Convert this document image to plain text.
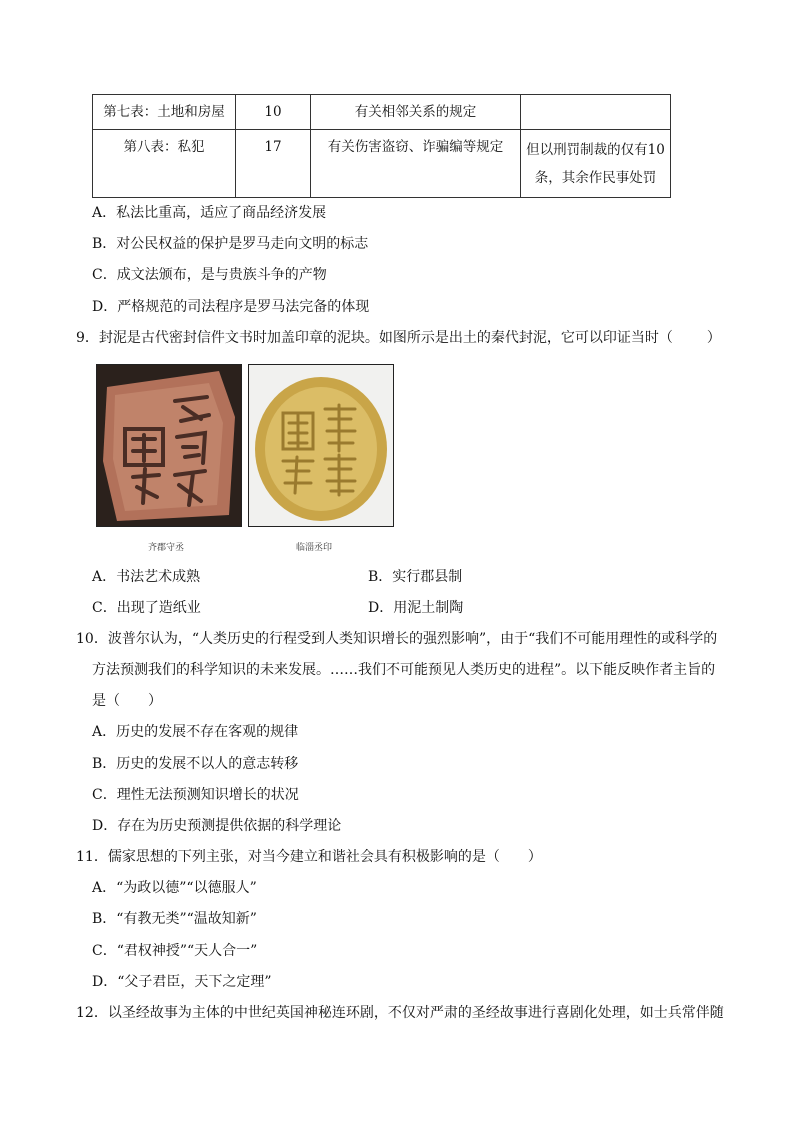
第七表：土地和房屋	10	有关相邻关系的规定	
第八表：私犯	17	有关伤害盗窃、诈骗编等规定	但以刑罚制裁的仅有10
条，其余作民事处罚
A．私法比重高，适应了商品经济发展
B．对公民权益的保护是罗马走向文明的标志
C．成文法颁布，是与贵族斗争的产物
D．严格规范的司法程序是罗马法完备的体现
9．封泥是古代密封信件文书时加盖印章的泥块。如图所示是出土的秦代封泥，它可以印证当时（ ）
齐郡守丞	临淄丞印
A．书法艺术成熟	B．实行郡县制
C．出现了造纸业	D．用泥土制陶
10．波普尔认为，“人类历史的行程受到人类知识增长的强烈影响”，由于“我们不可能用理性的或科学的
方法预测我们的科学知识的未来发展。……我们不可能预见人类历史的进程”。以下能反映作者主旨的
是（　　）
A．历史的发展不存在客观的规律
B．历史的发展不以人的意志转移
C．理性无法预测知识增长的状况
D．存在为历史预测提供依据的科学理论
11．儒家思想的下列主张，对当今建立和谐社会具有积极影响的是（　　）
A．“为政以德”“以德服人”
B．“有教无类”“温故知新”
C．“君权神授”“天人合一”
D．“父子君臣，天下之定理”
12．以圣经故事为主体的中世纪英国神秘连环剧，不仅对严肃的圣经故事进行喜剧化处理，如士兵常伴随
